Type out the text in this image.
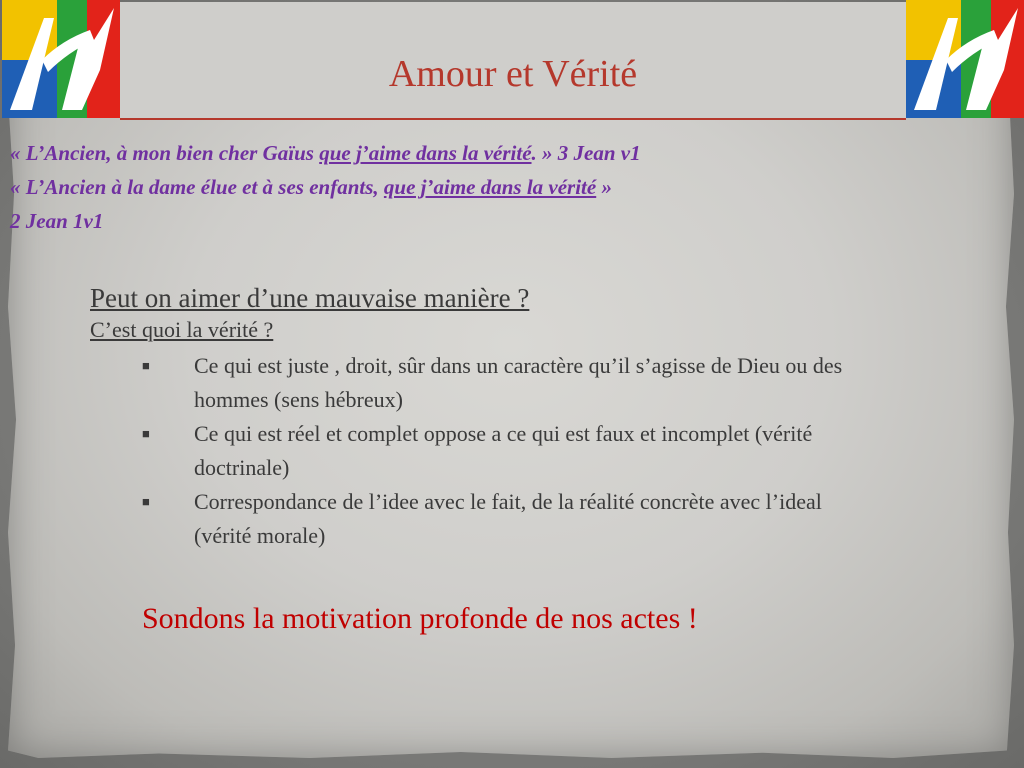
Amour et Vérité
« L’Ancien, à mon bien cher Gaïus que j’aime dans la vérité. » 3 Jean v1
« L’Ancien à la dame élue et à ses enfants, que j’aime dans la vérité »
2 Jean 1v1
Peut on aimer d’une mauvaise manière ?
C’est quoi la vérité ?
■ Ce qui est juste , droit, sûr dans un caractère qu’il s’agisse de Dieu ou des hommes (sens hébreux)
■ Ce qui est réel et complet oppose a ce qui est faux et incomplet (vérité doctrinale)
■ Correspondance de l’idee avec le fait, de la réalité concrète avec l’ideal (vérité morale)
Sondons la motivation profonde de nos actes !
